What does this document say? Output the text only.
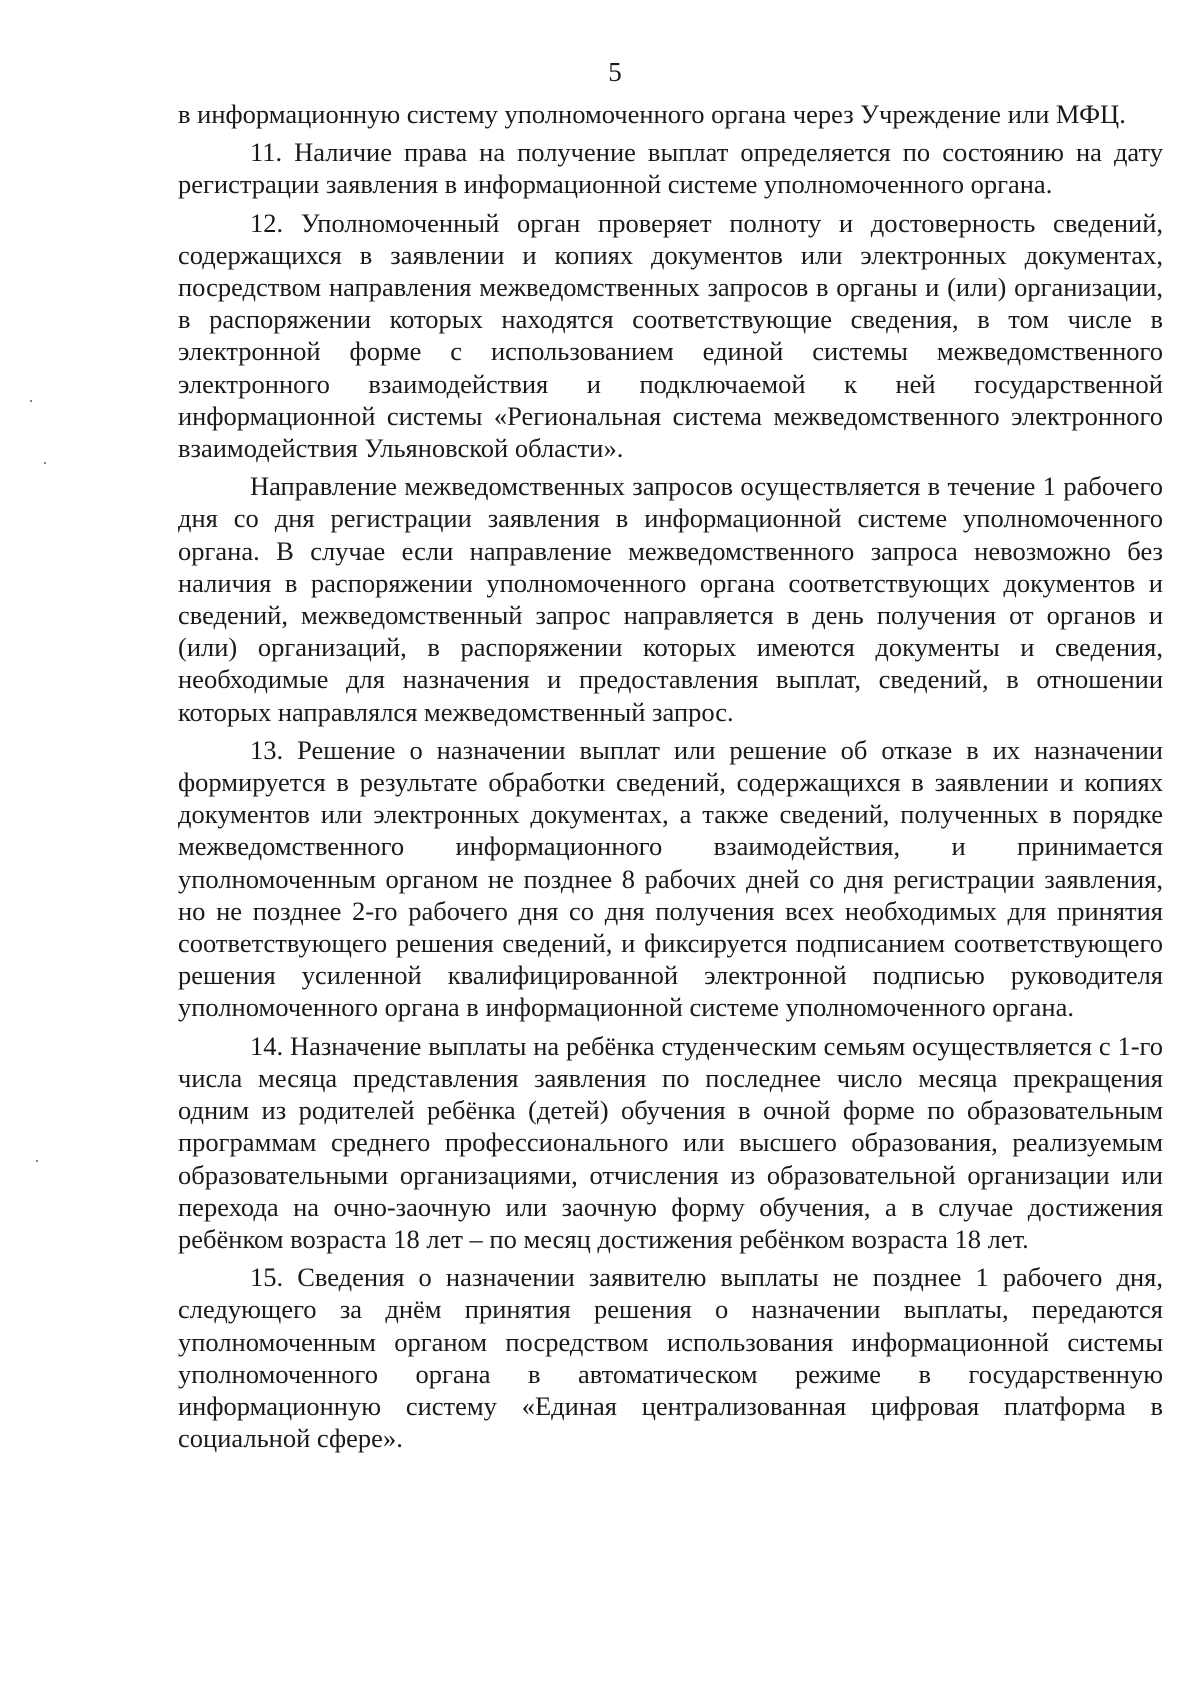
5

в информационную систему уполномоченного органа через Учреждение или МФЦ.

11. Наличие права на получение выплат определяется по состоянию на дату регистрации заявления в информационной системе уполномоченного органа.

12. Уполномоченный орган проверяет полноту и достоверность сведений, содержащихся в заявлении и копиях документов или электронных документах, посредством направления межведомственных запросов в органы и (или) организации, в распоряжении которых находятся соответствующие сведения, в том числе в электронной форме с использованием единой системы межведомственного электронного взаимодействия и подключаемой к ней государственной информационной системы «Региональная система межведомственного электронного взаимодействия Ульяновской области».

Направление межведомственных запросов осуществляется в течение 1 рабочего дня со дня регистрации заявления в информационной системе уполномоченного органа. В случае если направление межведомственного запроса невозможно без наличия в распоряжении уполномоченного органа соответствующих документов и сведений, межведомственный запрос направляется в день получения от органов и (или) организаций, в распоряжении которых имеются документы и сведения, необходимые для назначения и предоставления выплат, сведений, в отношении которых направлялся межведомственный запрос.

13. Решение о назначении выплат или решение об отказе в их назначении формируется в результате обработки сведений, содержащихся в заявлении и копиях документов или электронных документах, а также сведений, полученных в порядке межведомственного информационного взаимодействия, и принимается уполномоченным органом не позднее 8 рабочих дней со дня регистрации заявления, но не позднее 2-го рабочего дня со дня получения всех необходимых для принятия соответствующего решения сведений, и фиксируется подписанием соответствующего решения усиленной квалифицированной электронной подписью руководителя уполномоченного органа в информационной системе уполномоченного органа.

14. Назначение выплаты на ребёнка студенческим семьям осуществляется с 1-го числа месяца представления заявления по последнее число месяца прекращения одним из родителей ребёнка (детей) обучения в очной форме по образовательным программам среднего профессионального или высшего образования, реализуемым образовательными организациями, отчисления из образовательной организации или перехода на очно-заочную или заочную форму обучения, а в случае достижения ребёнком возраста 18 лет – по месяц достижения ребёнком возраста 18 лет.

15. Сведения о назначении заявителю выплаты не позднее 1 рабочего дня, следующего за днём принятия решения о назначении выплаты, передаются уполномоченным органом посредством использования информационной системы уполномоченного органа в автоматическом режиме в государственную информационную систему «Единая централизованная цифровая платформа в социальной сфере».
